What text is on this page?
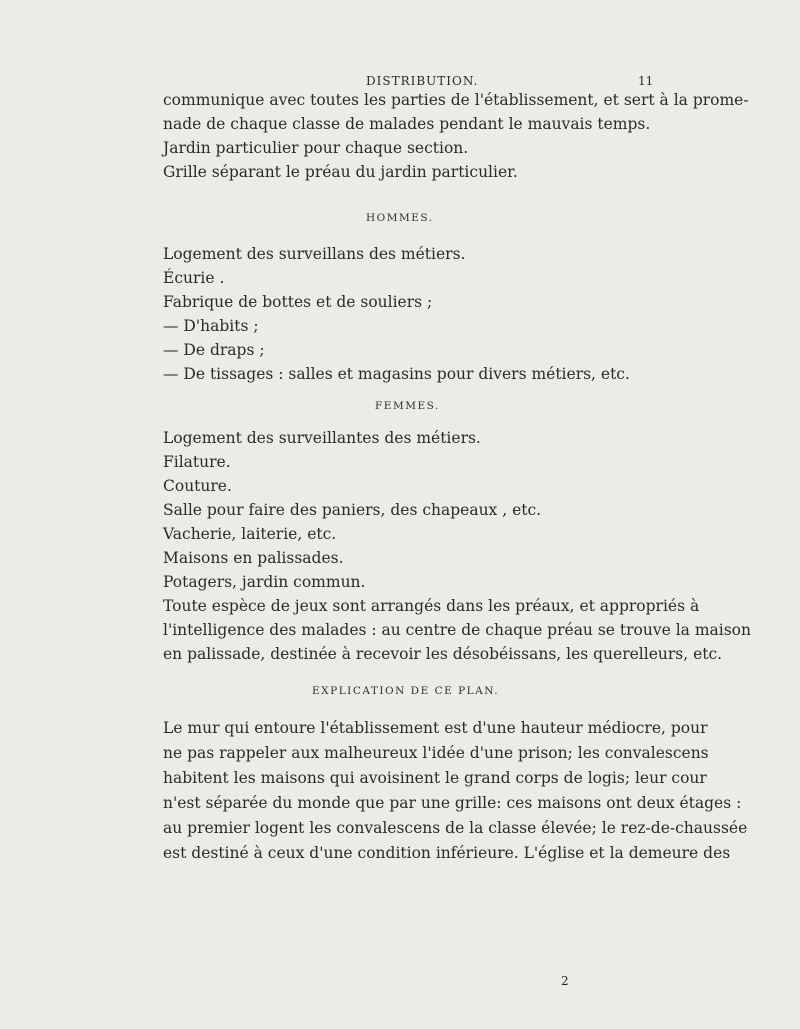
DISTRIBUTION.	11
communique avec toutes les parties de l'établissement, et sert à la prome-
nade de chaque classe de malades pendant le mauvais temps.
Jardin particulier pour chaque section.
Grille séparant le préau du jardin particulier.
HOMMES.
Logement des surveillans des métiers.
Écurie .
Fabrique de bottes et de souliers ;
— D'habits ;
— De draps ;
— De tissages : salles et magasins pour divers métiers, etc.
FEMMES.
Logement des surveillantes des métiers.
Filature.
Couture.
Salle pour faire des paniers, des chapeaux , etc.
Vacherie, laiterie, etc.
Maisons en palissades.
Potagers, jardin commun.
Toute espèce de jeux sont arrangés dans les préaux, et appropriés à
l'intelligence des malades : au centre de chaque préau se trouve la maison
en palissade, destinée à recevoir les désobéissans, les querelleurs, etc.
EXPLICATION DE CE PLAN.
Le mur qui entoure l'établissement est d'une hauteur médiocre, pour
ne pas rappeler aux malheureux l'idée d'une prison; les convalescens
habitent les maisons qui avoisinent le grand corps de logis; leur cour
n'est séparée du monde que par une grille: ces maisons ont deux étages :
au premier logent les convalescens de la classe élevée; le rez-de-chaussée
est destiné à ceux d'une condition inférieure. L'église et la demeure des
2
